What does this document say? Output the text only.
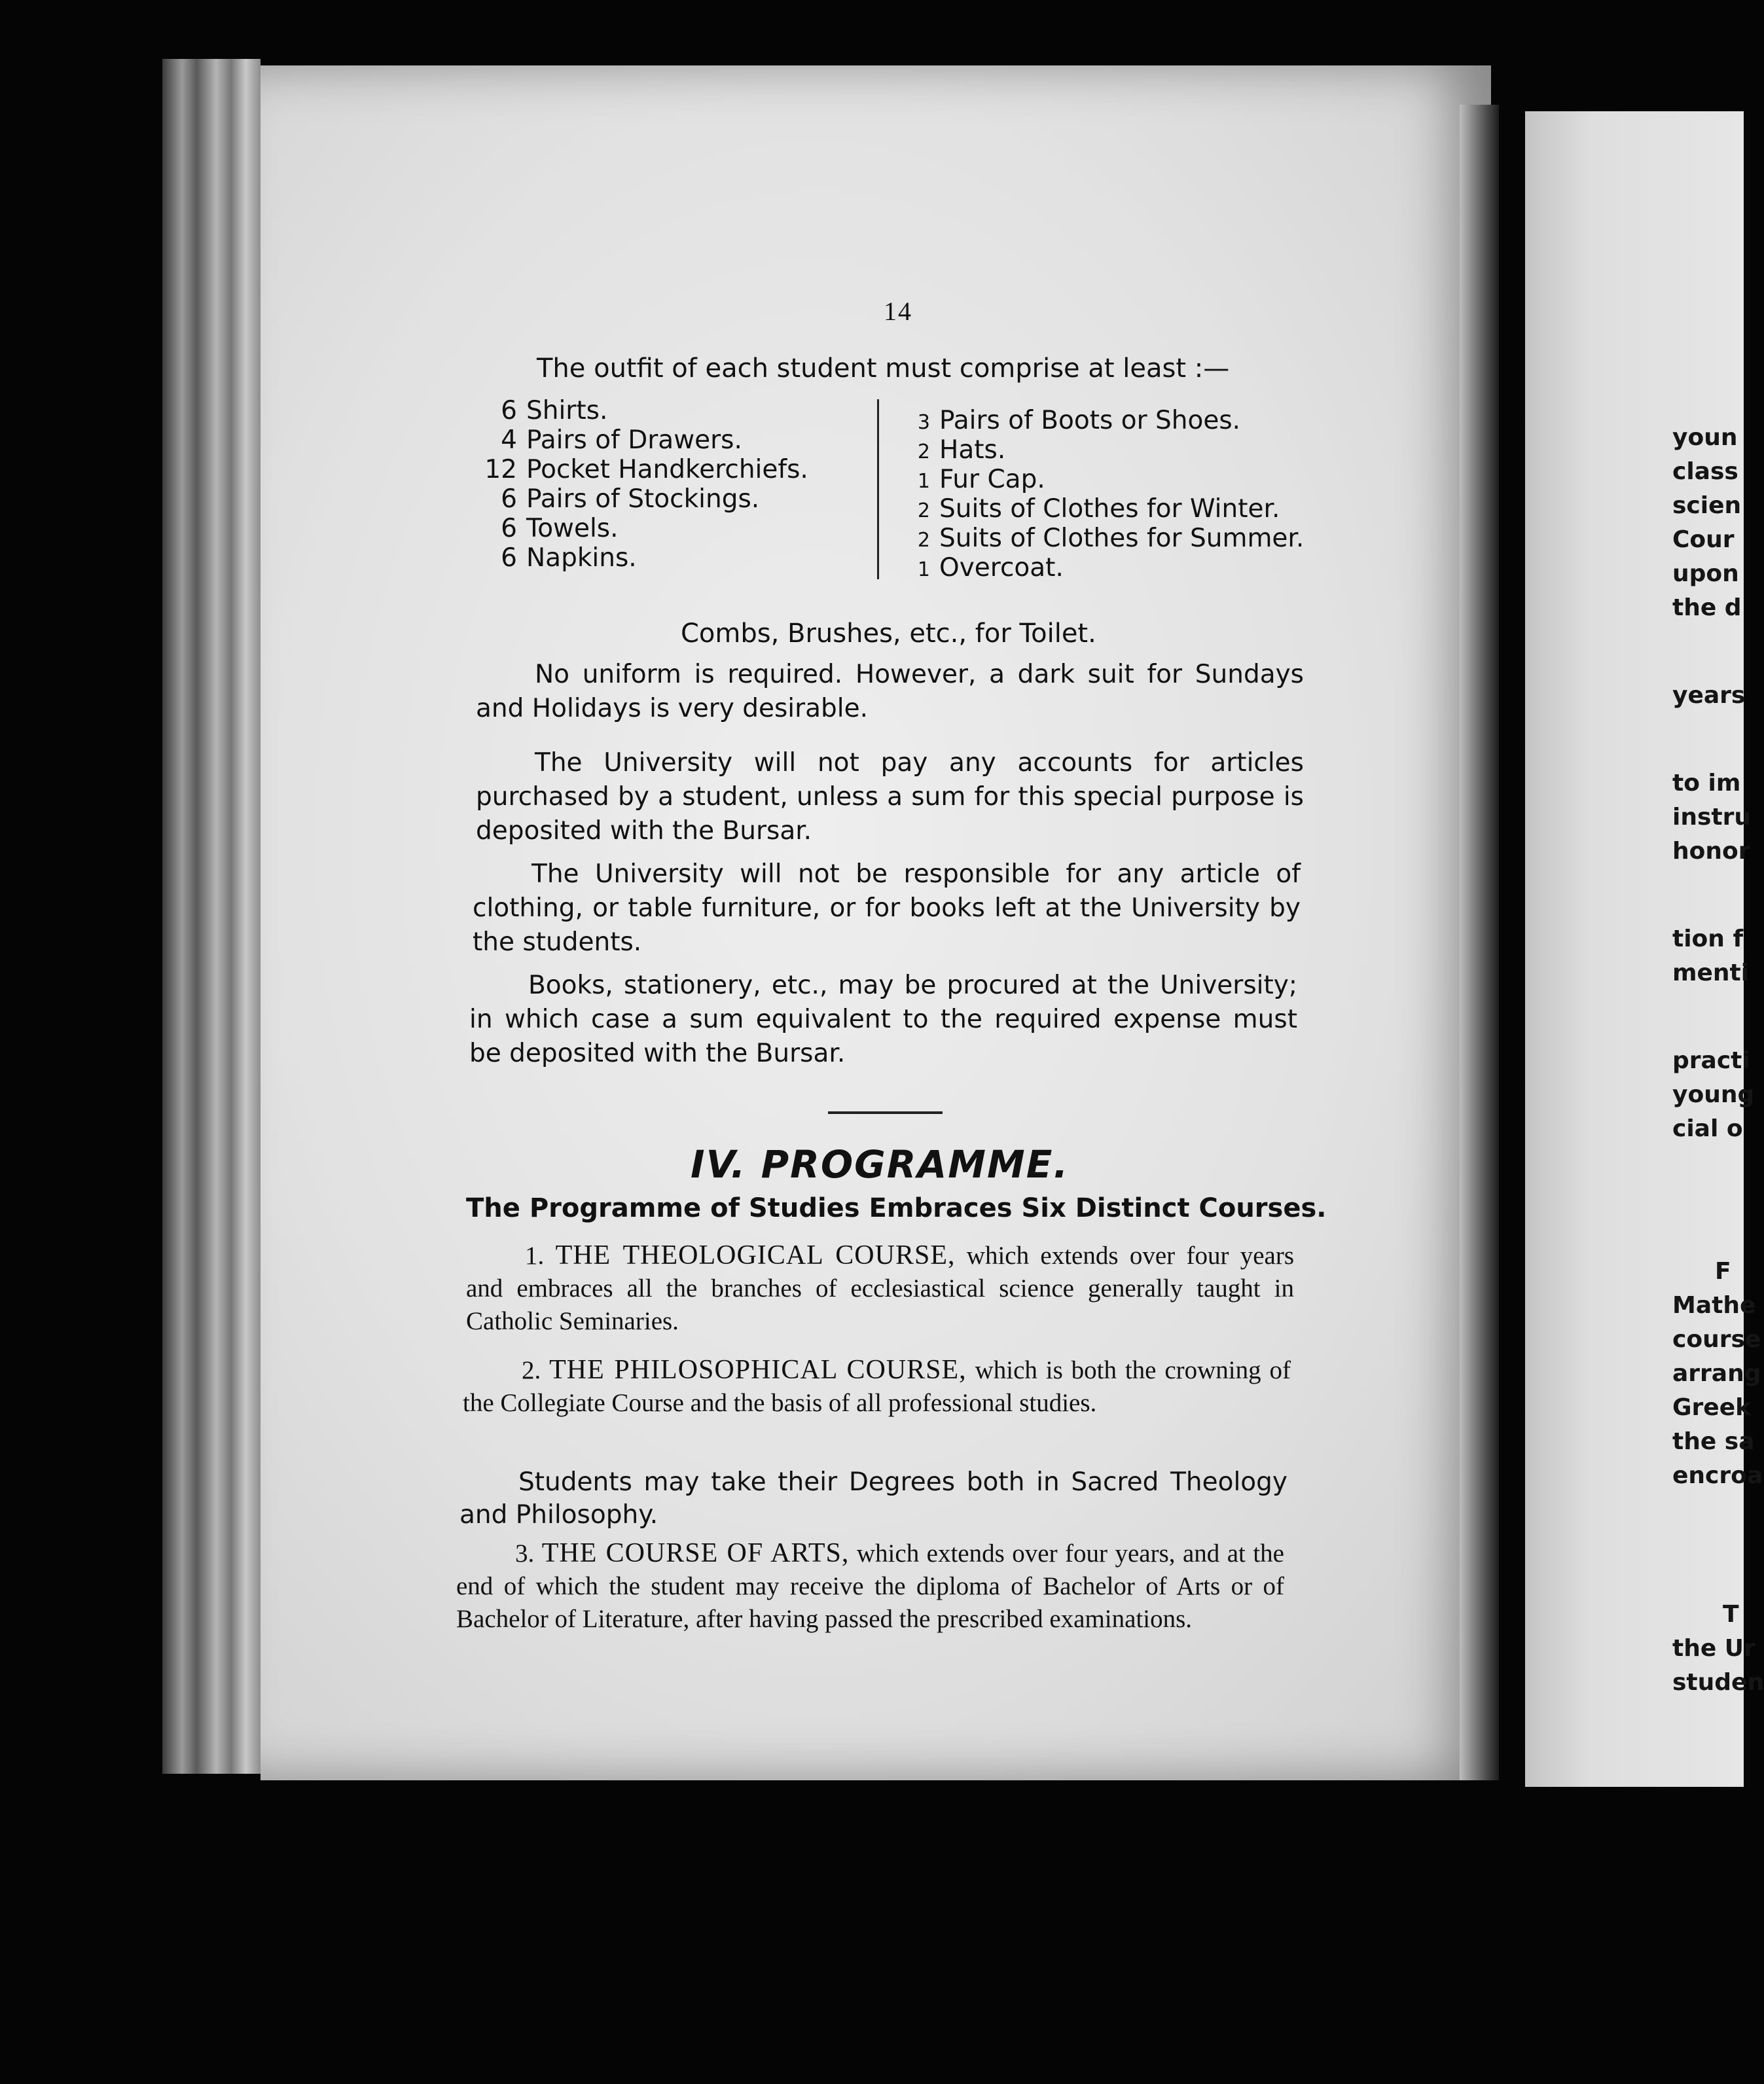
14
The outfit of each student must comprise at least :—
6 Shirts.
4 Pairs of Drawers.
12 Pocket Handkerchiefs.
6 Pairs of Stockings.
6 Towels.
6 Napkins.
3 Pairs of Boots or Shoes.
2 Hats.
1 Fur Cap.
2 Suits of Clothes for Winter.
2 Suits of Clothes for Summer.
1 Overcoat.
Combs, Brushes, etc., for Toilet.

No uniform is required. However, a dark suit for Sundays and Holidays is very desirable.

The University will not pay any accounts for articles purchased by a student, unless a sum for this special purpose is deposited with the Bursar.

The University will not be responsible for any article of clothing, or table furniture, or for books left at the University by the students.

Books, stationery, etc., may be procured at the University; in which case a sum equivalent to the required expense must be deposited with the Bursar.

IV. PROGRAMME.
The Programme of Studies Embraces Six Distinct Courses.

1. THE THEOLOGICAL COURSE, which extends over four years and embraces all the branches of ecclesiastical science generally taught in Catholic Seminaries.

2. THE PHILOSOPHICAL COURSE, which is both the crowning of the Collegiate Course and the basis of all professional studies.

Students may take their Degrees both in Sacred Theology and Philosophy.

3. THE COURSE OF ARTS, which extends over four years, and at the end of which the student may receive the diploma of Bachelor of Arts or of Bachelor of Literature, after having passed the prescribed examinations.

youn
class
scien
Cour
upon
the d
years
to im
instru
honor
tion f
menti
practi
young
cial o
F
Mathe
course
arrang
Greek
the sa
encroa
T
the Ur
studen
